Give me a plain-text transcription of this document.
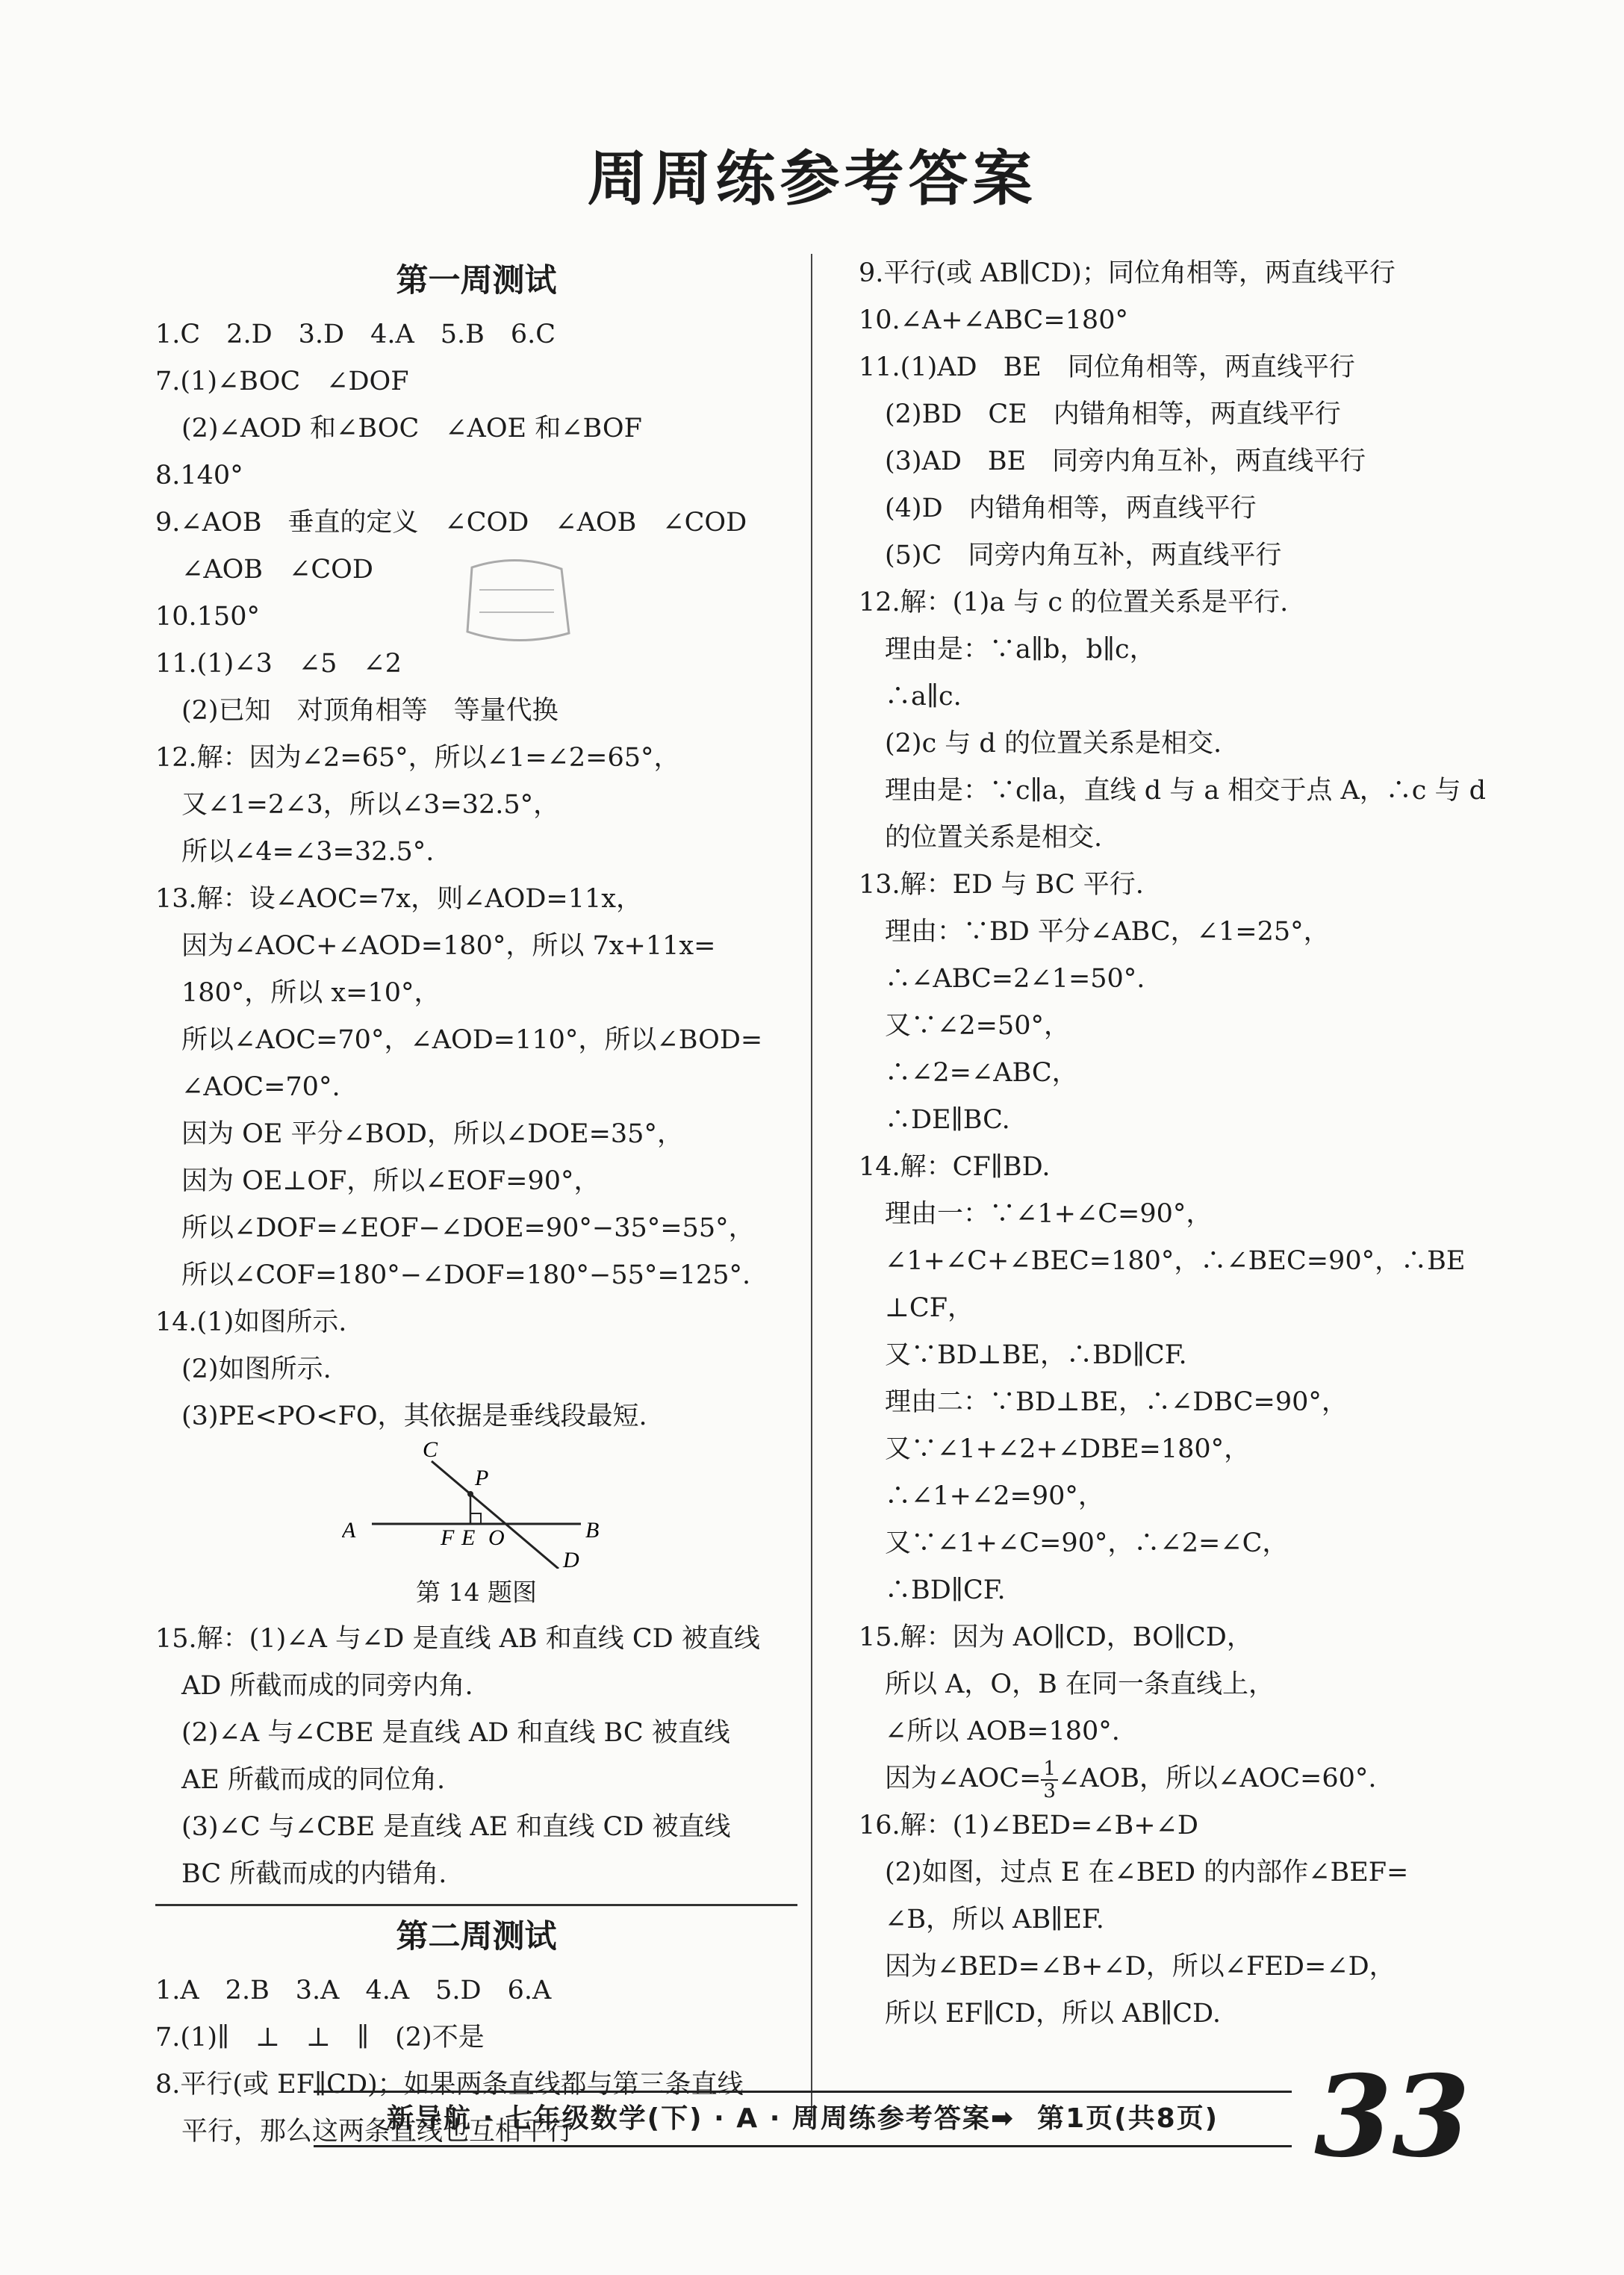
周周练参考答案
第一周测试
1.C　2.D　3.D　4.A　5.B　6.C
7.(1)∠BOC　∠DOF
　(2)∠AOD 和∠BOC　∠AOE 和∠BOF
8.140°
9.∠AOB　垂直的定义　∠COD　∠AOB　∠COD
　∠AOB　∠COD
10.150°
11.(1)∠3　∠5　∠2
　(2)已知　对顶角相等　等量代换
12.解：因为∠2=65°，所以∠1=∠2=65°，
　又∠1=2∠3，所以∠3=32.5°，
　所以∠4=∠3=32.5°.
13.解：设∠AOC=7x，则∠AOD=11x，
　因为∠AOC+∠AOD=180°，所以 7x+11x=
　180°，所以 x=10°，
　所以∠AOC=70°，∠AOD=110°，所以∠BOD=
　∠AOC=70°.
　因为 OE 平分∠BOD，所以∠DOE=35°，
　因为 OE⊥OF，所以∠EOF=90°，
　所以∠DOF=∠EOF−∠DOE=90°−35°=55°，
　所以∠COF=180°−∠DOF=180°−55°=125°.
14.(1)如图所示.
　(2)如图所示.
　(3)PE<PO<FO，其依据是垂线段最短.
C
P
A	F E O	B
D
第 14 题图
15.解：(1)∠A 与∠D 是直线 AB 和直线 CD 被直线
　AD 所截而成的同旁内角.
　(2)∠A 与∠CBE 是直线 AD 和直线 BC 被直线
　AE 所截而成的同位角.
　(3)∠C 与∠CBE 是直线 AE 和直线 CD 被直线
　BC 所截而成的内错角.
第二周测试
1.A　2.B　3.A　4.A　5.D　6.A
7.(1)∥　⊥　⊥　∥　(2)不是
8.平行(或 EF∥CD)；如果两条直线都与第三条直线
　平行，那么这两条直线也互相平行
9.平行(或 AB∥CD)；同位角相等，两直线平行
10.∠A+∠ABC=180°
11.(1)AD　BE　同位角相等，两直线平行
　(2)BD　CE　内错角相等，两直线平行
　(3)AD　BE　同旁内角互补，两直线平行
　(4)D　内错角相等，两直线平行
　(5)C　同旁内角互补，两直线平行
12.解：(1)a 与 c 的位置关系是平行.
　理由是：∵a∥b，b∥c，
　∴a∥c.
　(2)c 与 d 的位置关系是相交.
　理由是：∵c∥a，直线 d 与 a 相交于点 A，∴c 与 d
　的位置关系是相交.
13.解：ED 与 BC 平行.
　理由：∵BD 平分∠ABC，∠1=25°，
　∴∠ABC=2∠1=50°.
　又∵∠2=50°，
　∴∠2=∠ABC，
　∴DE∥BC.
14.解：CF∥BD.
　理由一：∵∠1+∠C=90°，
　∠1+∠C+∠BEC=180°，∴∠BEC=90°，∴BE
　⊥CF，
　又∵BD⊥BE，∴BD∥CF.
　理由二：∵BD⊥BE，∴∠DBC=90°，
　又∵∠1+∠2+∠DBE=180°，
　∴∠1+∠2=90°，
　又∵∠1+∠C=90°，∴∠2=∠C，
　∴BD∥CF.
15.解：因为 AO∥CD，BO∥CD，
　所以 A，O，B 在同一条直线上，
　∠所以 AOB=180°.
　因为∠AOC= $\frac{1}{3}$ ∠AOB，所以∠AOC=60°.
16.解：(1)∠BED=∠B+∠D
　(2)如图，过点 E 在∠BED 的内部作∠BEF=
　∠B，所以 AB∥EF.
　因为∠BED=∠B+∠D，所以∠FED=∠D，
　所以 EF∥CD，所以 AB∥CD.
新导航 · 七年级数学(下) · A · 周周练参考答案➡ 第1页(共8页) 33
